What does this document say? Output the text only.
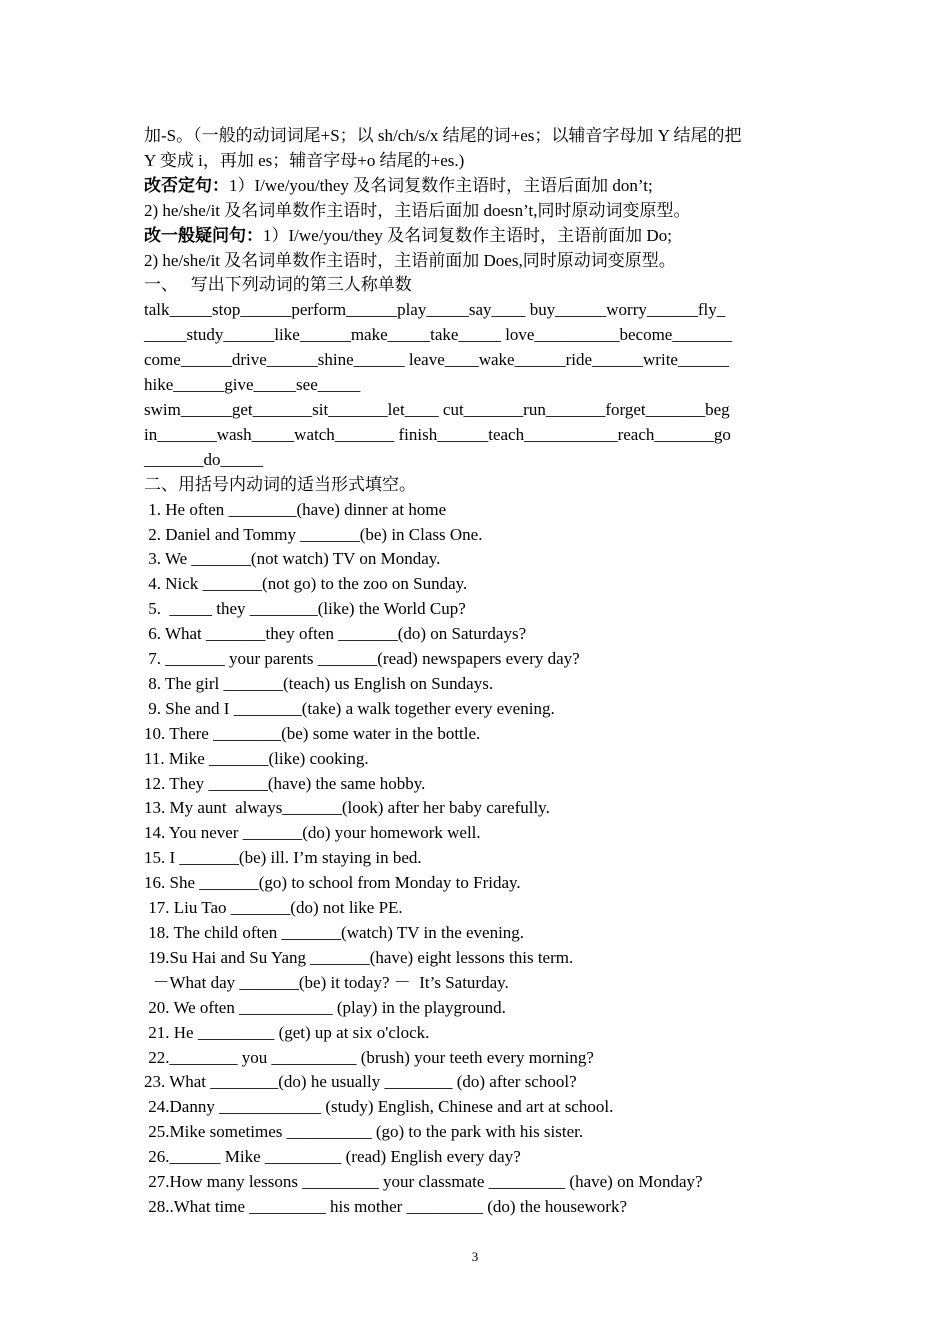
加-S。（一般的动词词尾+S；以 sh/ch/s/x 结尾的词+es；以辅音字母加 Y 结尾的把

Y 变成 i，再加 es；辅音字母+o 结尾的+es.)

改否定句：1）I/we/you/they 及名词复数作主语时，主语后面加 don’t;

2) he/she/it 及名词单数作主语时，主语后面加 doesn’t,同时原动词变原型。

改一般疑问句：1）I/we/you/they 及名词复数作主语时，主语前面加 Do;

2) he/she/it 及名词单数作主语时，主语前面加 Does,同时原动词变原型。

一、   写出下列动词的第三人称单数

talk_____stop______perform______play_____say____ buy______worry______fly_

_____study______like______make_____take_____ love__________become_______

come______drive______shine______ leave____wake______ride______write______

hike______give_____see_____

swim______get_______sit_______let____ cut_______run_______forget_______beg

in_______wash_____watch_______ finish______teach___________reach_______go

_______do_____

二、用括号内动词的适当形式填空。

1. He often ________(have) dinner at home

2. Daniel and Tommy _______(be) in Class One.

3. We _______(not watch) TV on Monday.

4. Nick _______(not go) to the zoo on Sunday.

5.  _____ they ________(like) the World Cup?

6. What _______they often _______(do) on Saturdays?

7. _______ your parents _______(read) newspapers every day?

8. The girl _______(teach) us English on Sundays.

9. She and I ________(take) a walk together every evening.

10. There ________(be) some water in the bottle.

11. Mike _______(like) cooking.

12. They _______(have) the same hobby.

13. My aunt  always_______(look) after her baby carefully.

14. You never _______(do) your homework well.

15. I _______(be) ill. I’m staying in bed.

16. She _______(go) to school from Monday to Friday.

17. Liu Tao _______(do) not like PE.

18. The child often _______(watch) TV in the evening.

19.Su Hai and Su Yang _______(have) eight lessons this term.

－What day _______(be) it today? －  It’s Saturday.

20. We often ___________ (play) in the playground.

21. He _________ (get) up at six o'clock.

22.________ you __________ (brush) your teeth every morning?

23. What ________(do) he usually ________ (do) after school?

24.Danny ____________ (study) English, Chinese and art at school.

25.Mike sometimes __________ (go) to the park with his sister.

26.______ Mike _________ (read) English every day?

27.How many lessons _________ your classmate _________ (have) on Monday?

28..What time _________ his mother _________ (do) the housework?

3
